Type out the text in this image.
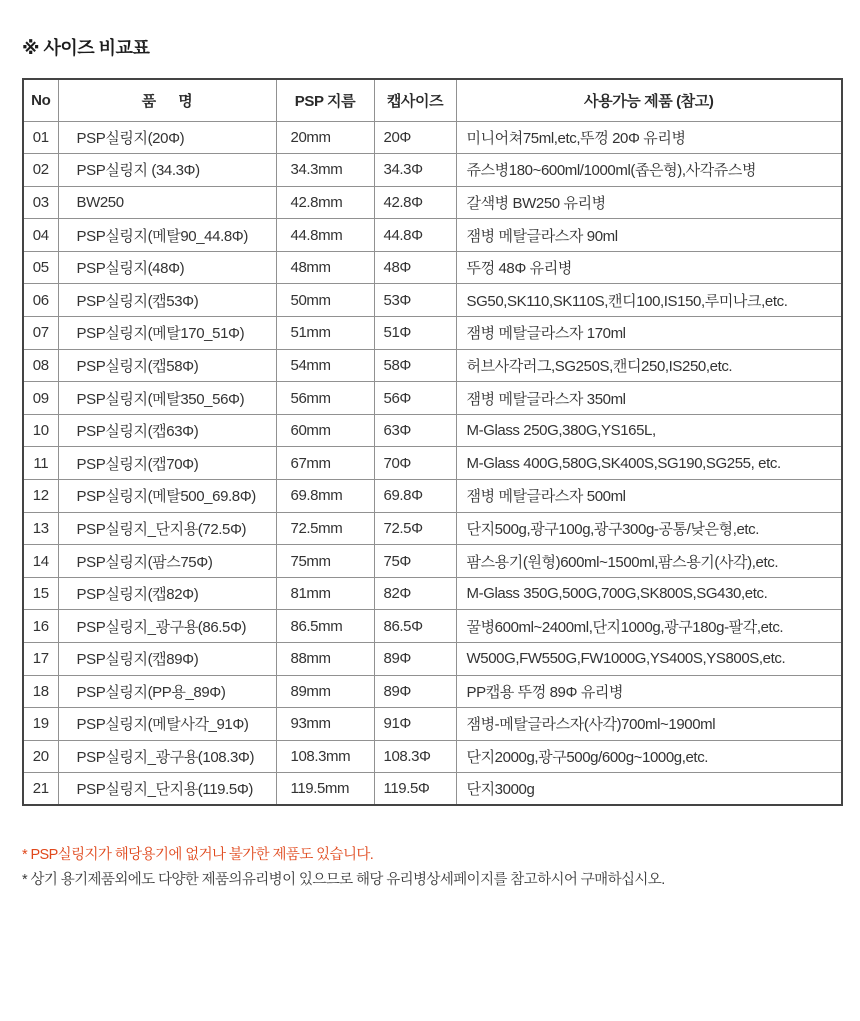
※ 사이즈 비교표
No	품      명	PSP 지름	캡사이즈	사용가능 제품 (참고)
01	PSP실링지(20Φ)	20mm	20Φ	미니어쳐75ml,etc,뚜껑 20Φ 유리병
02	PSP실링지 (34.3Φ)	34.3mm	34.3Φ	쥬스병180~600ml/1000ml(좁은형),사각쥬스병
03	BW250	42.8mm	42.8Φ	갈색병 BW250 유리병
04	PSP실링지(메탈90_44.8Φ)	44.8mm	44.8Φ	잼병 메탈글라스자 90ml
05	PSP실링지(48Φ)	48mm	48Φ	뚜껑 48Φ 유리병
06	PSP실링지(캡53Φ)	50mm	53Φ	SG50,SK110,SK110S,캔디100,IS150,루미나크,etc.
07	PSP실링지(메탈170_51Φ)	51mm	51Φ	잼병 메탈글라스자 170ml
08	PSP실링지(캡58Φ)	54mm	58Φ	허브사각러그,SG250S,캔디250,IS250,etc.
09	PSP실링지(메탈350_56Φ)	56mm	56Φ	잼병 메탈글라스자 350ml
10	PSP실링지(캡63Φ)	60mm	63Φ	M-Glass 250G,380G,YS165L,
11	PSP실링지(캡70Φ)	67mm	70Φ	M-Glass 400G,580G,SK400S,SG190,SG255, etc.
12	PSP실링지(메탈500_69.8Φ)	69.8mm	69.8Φ	잼병 메탈글라스자 500ml
13	PSP실링지_단지용(72.5Φ)	72.5mm	72.5Φ	단지500g,광구100g,광구300g-공통/낮은형,etc.
14	PSP실링지(팜스75Φ)	75mm	75Φ	팜스용기(원형)600ml~1500ml,팜스용기(사각),etc.
15	PSP실링지(캡82Φ)	81mm	82Φ	M-Glass 350G,500G,700G,SK800S,SG430,etc.
16	PSP실링지_광구용(86.5Φ)	86.5mm	86.5Φ	꿀병600ml~2400ml,단지1000g,광구180g-팔각,etc.
17	PSP실링지(캡89Φ)	88mm	89Φ	W500G,FW550G,FW1000G,YS400S,YS800S,etc.
18	PSP실링지(PP용_89Φ)	89mm	89Φ	PP캡용 뚜껑 89Φ 유리병
19	PSP실링지(메탈사각_91Φ)	93mm	91Φ	잼병-메탈글라스자(사각)700ml~1900ml
20	PSP실링지_광구용(108.3Φ)	108.3mm	108.3Φ	단지2000g,광구500g/600g~1000g,etc.
21	PSP실링지_단지용(119.5Φ)	119.5mm	119.5Φ	단지3000g
* PSP실링지가 해당용기에 없거나 불가한 제품도 있습니다.
* 상기 용기제품외에도 다양한 제품의유리병이 있으므로 해당 유리병상세페이지를 참고하시어 구매하십시오.
